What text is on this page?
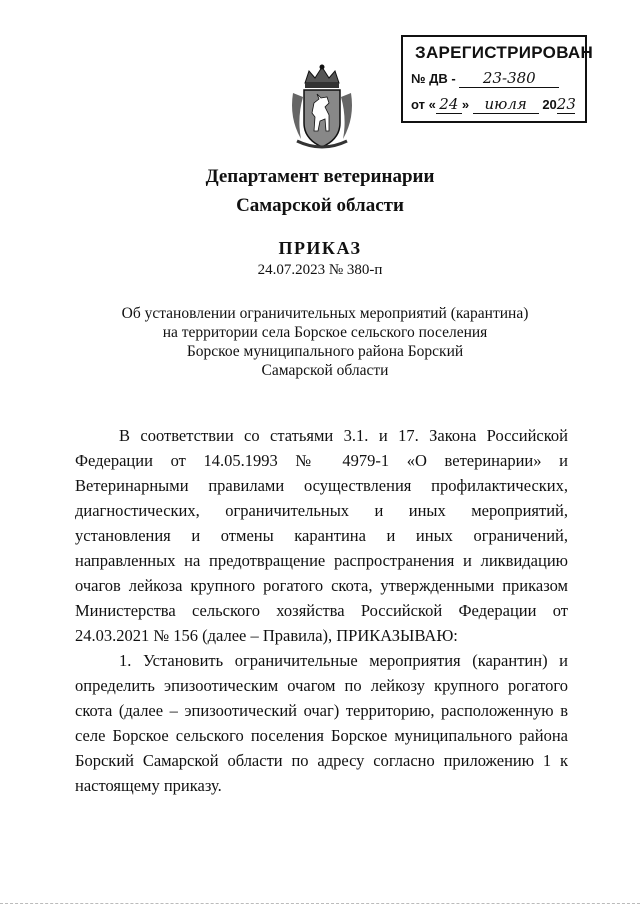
ЗАРЕГИСТРИРОВАН
№ ДВ - 23-380
от « 24 » июля 2023
Департамент ветеринарии
Самарской области
ПРИКАЗ
24.07.2023 № 380-п
Об установлении ограничительных мероприятий (карантина)
на территории села Борское сельского поселения
Борское муниципального района Борский
Самарской области

В соответствии со статьями 3.1. и 17. Закона Российской Федерации от 14.05.1993 № 4979-1 «О ветеринарии» и Ветеринарными правилами осуществления профилактических, диагностических, ограничительных и иных мероприятий, установления и отмены карантина и иных ограничений, направленных на предотвращение распространения и ликвидацию очагов лейкоза крупного рогатого скота, утвержденными приказом Министерства сельского хозяйства Российской Федерации от 24.03.2021 № 156 (далее – Правила), ПРИКАЗЫВАЮ:

1. Установить ограничительные мероприятия (карантин) и определить эпизоотическим очагом по лейкозу крупного рогатого скота (далее – эпизоотический очаг) территорию, расположенную в селе Борское сельского поселения Борское муниципального района Борский Самарской области по адресу согласно приложению 1 к настоящему приказу.
